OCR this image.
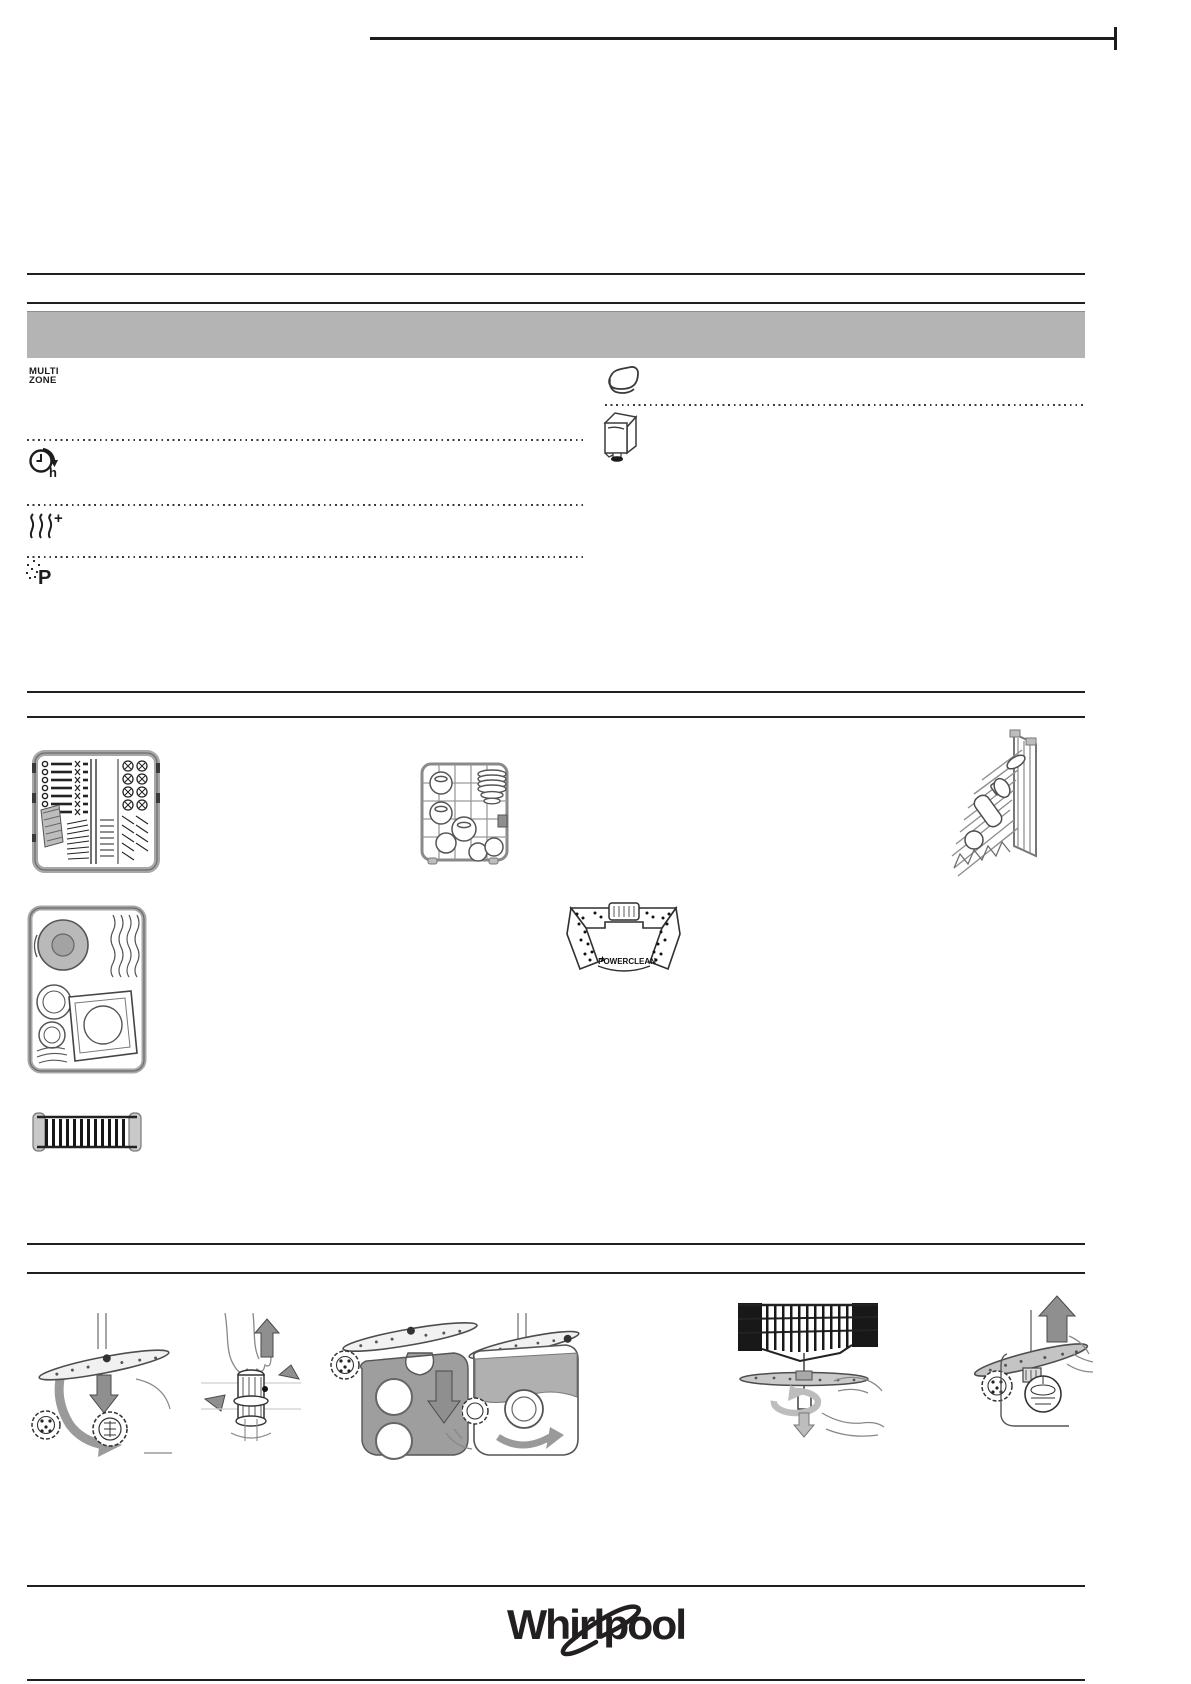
MULTI
ZONE
h
+
P
POWERCLEAN
Whirlpool
